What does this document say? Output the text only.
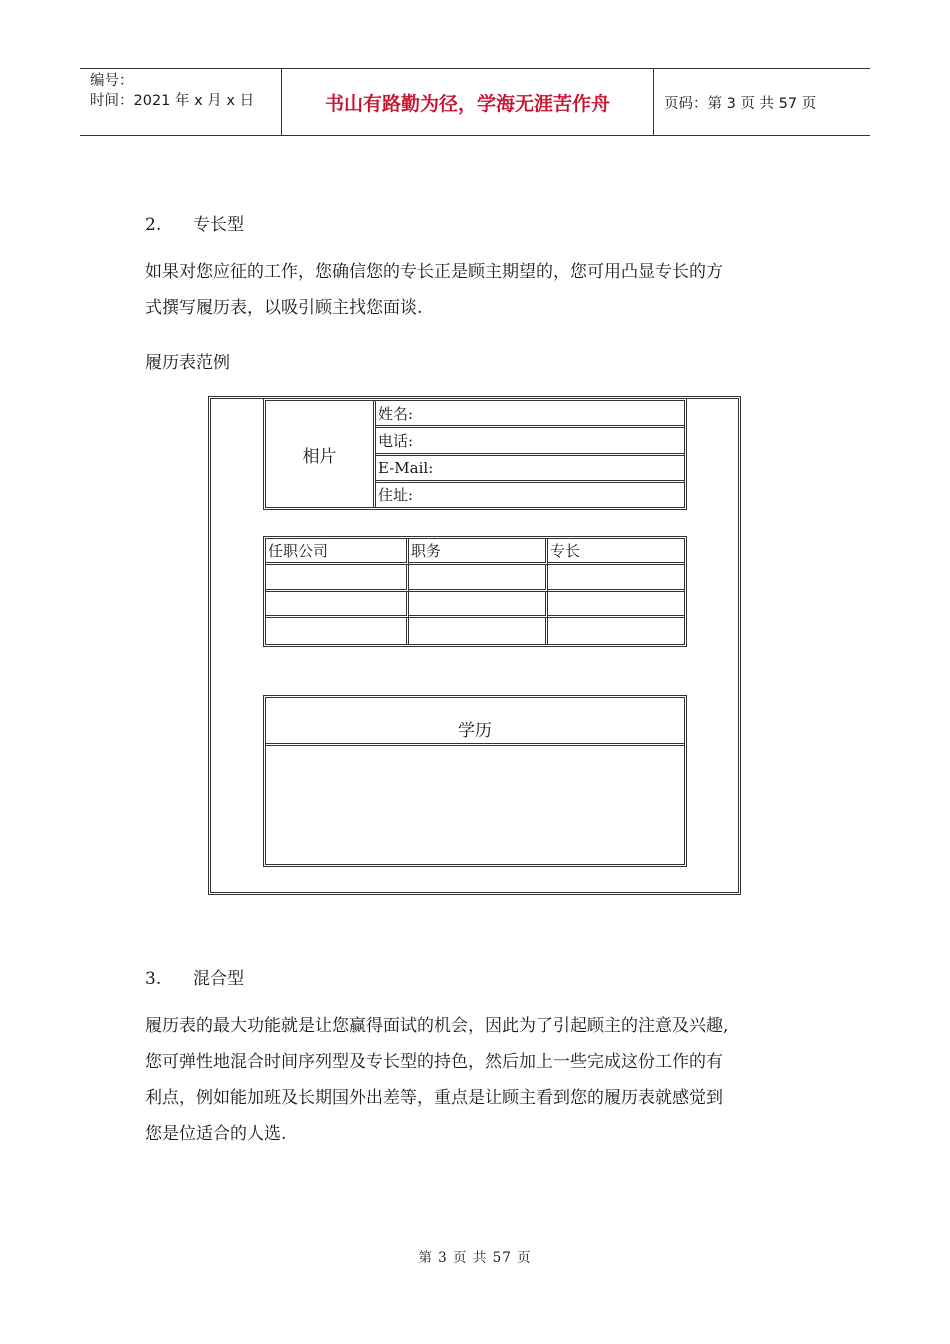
编号：
时间：2021 年 x 月 x 日	书山有路勤为径，学海无涯苦作舟	页码：第 3 页 共 57 页
2. 专长型
如果对您应征的工作，您确信您的专长正是顾主期望的，您可用凸显专长的方
式撰写履历表，以吸引顾主找您面谈.
履历表范例
相片
姓名:
电话:
E-Mail:
住址:
任职公司	职务	专长
学历
3. 混合型
履历表的最大功能就是让您赢得面试的机会，因此为了引起顾主的注意及兴趣,
您可弹性地混合时间序列型及专长型的持色，然后加上一些完成这份工作的有
利点，例如能加班及长期国外出差等，重点是让顾主看到您的履历表就感觉到
您是位适合的人选.
第 3 页 共 57 页
